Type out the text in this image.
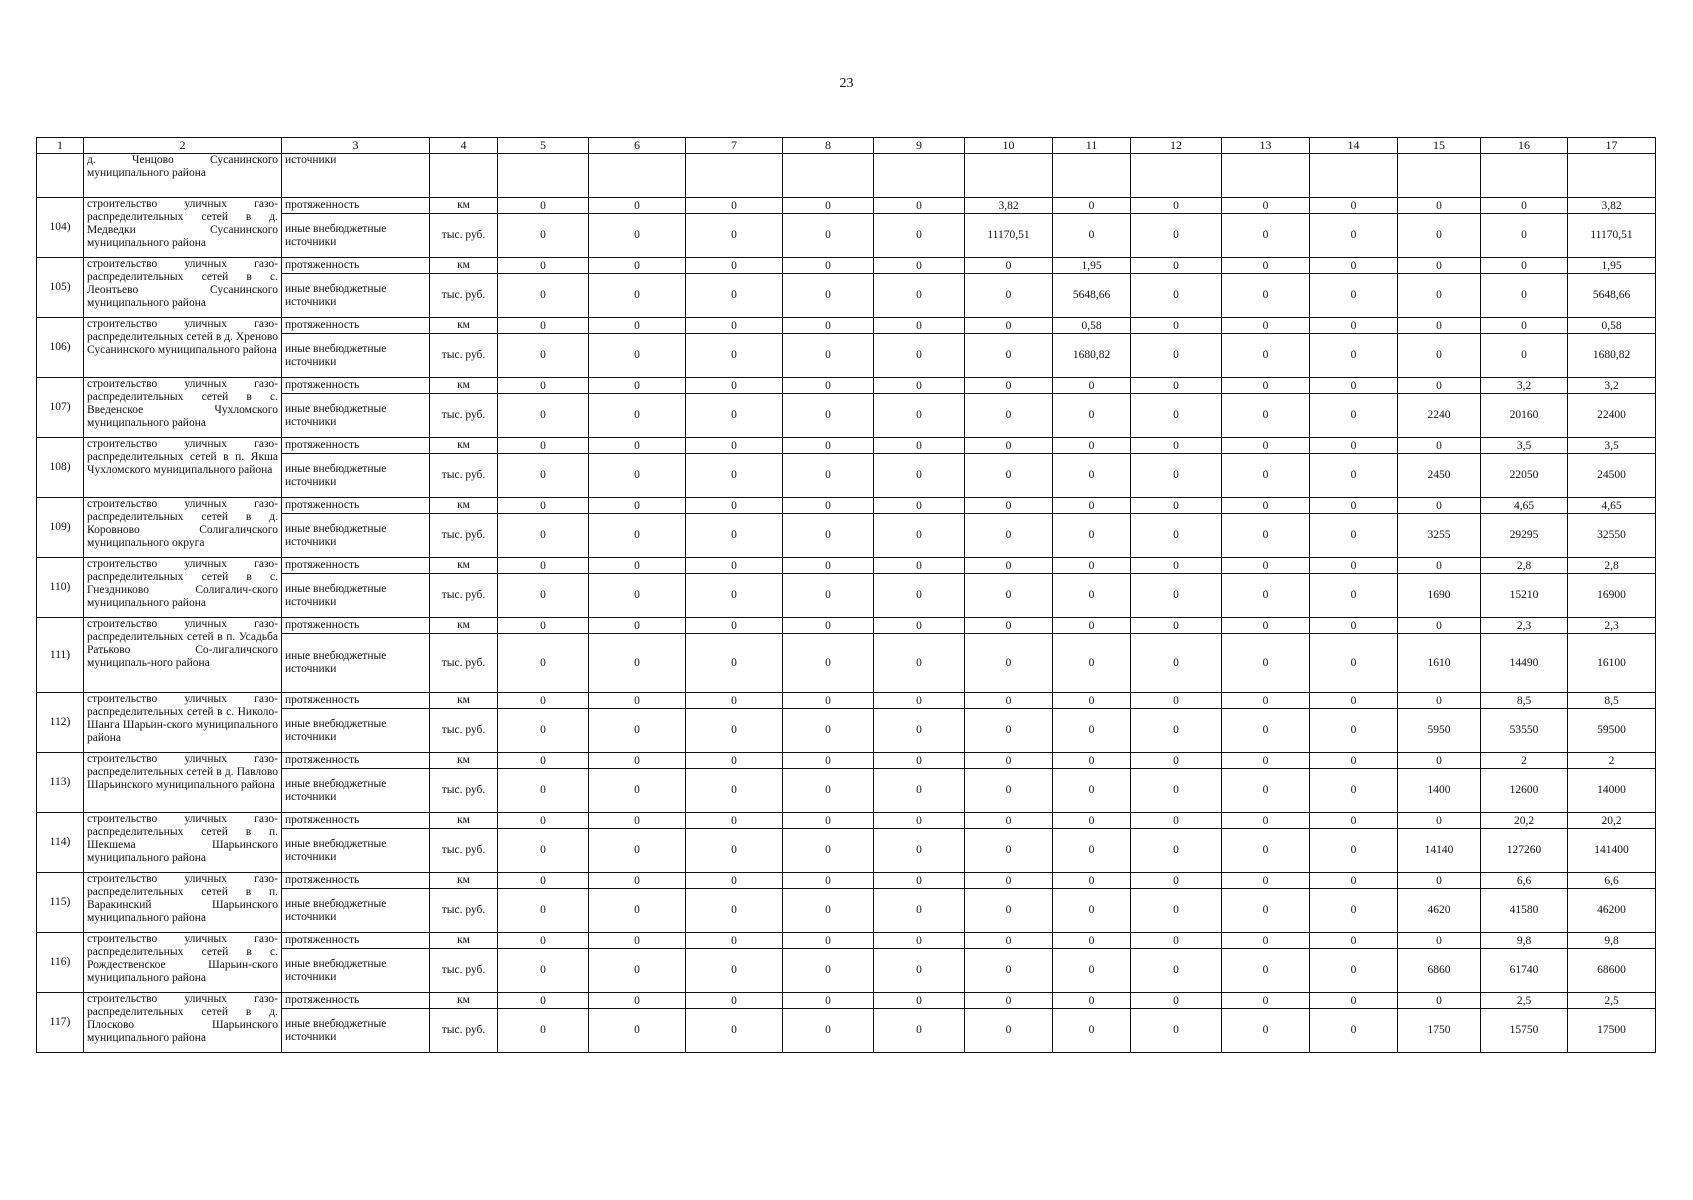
23
1	2	3	4	5	6	7	8	9	10	11	12	13	14	15	16	17
	д. Ченцово Сусанинского муниципального района	источники														
104)	строительство уличных газо-распределительных сетей в д. Медведки Сусанинского муниципального района	протяженность	км	0	0	0	0	0	3,82	0	0	0	0	0	0	3,82
		иные внебюджетные источники	тыс. руб.	0	0	0	0	0	11170,51	0	0	0	0	0	0	11170,51
105)	строительство уличных газо-распределительных сетей в с. Леонтьево Сусанинского муниципального района	протяженность	км	0	0	0	0	0	0	1,95	0	0	0	0	0	1,95
		иные внебюджетные источники	тыс. руб.	0	0	0	0	0	0	5648,66	0	0	0	0	0	5648,66
106)	строительство уличных газо-распределительных сетей в д. Хреново Сусанинского муниципального района	протяженность	км	0	0	0	0	0	0	0,58	0	0	0	0	0	0,58
		иные внебюджетные источники	тыс. руб.	0	0	0	0	0	0	1680,82	0	0	0	0	0	1680,82
107)	строительство уличных газо-распределительных сетей в с. Введенское Чухломского муниципального района	протяженность	км	0	0	0	0	0	0	0	0	0	0	0	3,2	3,2
		иные внебюджетные источники	тыс. руб.	0	0	0	0	0	0	0	0	0	0	2240	20160	22400
108)	строительство уличных газо-распределительных сетей в п. Якша Чухломского муниципального района	протяженность	км	0	0	0	0	0	0	0	0	0	0	0	3,5	3,5
		иные внебюджетные источники	тыс. руб.	0	0	0	0	0	0	0	0	0	0	2450	22050	24500
109)	строительство уличных газо-распределительных сетей в д. Коровново Солигаличского муниципального округа	протяженность	км	0	0	0	0	0	0	0	0	0	0	0	4,65	4,65
		иные внебюджетные источники	тыс. руб.	0	0	0	0	0	0	0	0	0	0	3255	29295	32550
110)	строительство уличных газо-распределительных сетей в с. Гнездниково Солигалич-ского муниципального района	протяженность	км	0	0	0	0	0	0	0	0	0	0	0	2,8	2,8
		иные внебюджетные источники	тыс. руб.	0	0	0	0	0	0	0	0	0	0	1690	15210	16900
111)	строительство уличных газо-распределительных сетей в п. Усадьба Ратьково Со-лигаличского муниципаль-ного района	протяженность	км	0	0	0	0	0	0	0	0	0	0	0	2,3	2,3
		иные внебюджетные источники	тыс. руб.	0	0	0	0	0	0	0	0	0	0	1610	14490	16100
112)	строительство уличных газо-распределительных сетей в с. Николо-Шанга Шарьин-ского муниципального района	протяженность	км	0	0	0	0	0	0	0	0	0	0	0	8,5	8,5
		иные внебюджетные источники	тыс. руб.	0	0	0	0	0	0	0	0	0	0	5950	53550	59500
113)	строительство уличных газо-распределительных сетей в д. Павлово Шарьинского муниципального района	протяженность	км	0	0	0	0	0	0	0	0	0	0	0	2	2
		иные внебюджетные источники	тыс. руб.	0	0	0	0	0	0	0	0	0	0	1400	12600	14000
114)	строительство уличных газо-распределительных сетей в п. Шекшема Шарьинского муниципального района	протяженность	км	0	0	0	0	0	0	0	0	0	0	0	20,2	20,2
		иные внебюджетные источники	тыс. руб.	0	0	0	0	0	0	0	0	0	0	14140	127260	141400
115)	строительство уличных газо-распределительных сетей в п. Варакинский Шарьинского муниципального района	протяженность	км	0	0	0	0	0	0	0	0	0	0	0	6,6	6,6
		иные внебюджетные источники	тыс. руб.	0	0	0	0	0	0	0	0	0	0	4620	41580	46200
116)	строительство уличных газо-распределительных сетей в с. Рождественское Шарьин-ского муниципального района	протяженность	км	0	0	0	0	0	0	0	0	0	0	0	9,8	9,8
		иные внебюджетные источники	тыс. руб.	0	0	0	0	0	0	0	0	0	0	6860	61740	68600
117)	строительство уличных газо-распределительных сетей в д. Плосково Шарьинского муниципального района	протяженность	км	0	0	0	0	0	0	0	0	0	0	0	2,5	2,5
		иные внебюджетные источники	тыс. руб.	0	0	0	0	0	0	0	0	0	0	1750	15750	17500
